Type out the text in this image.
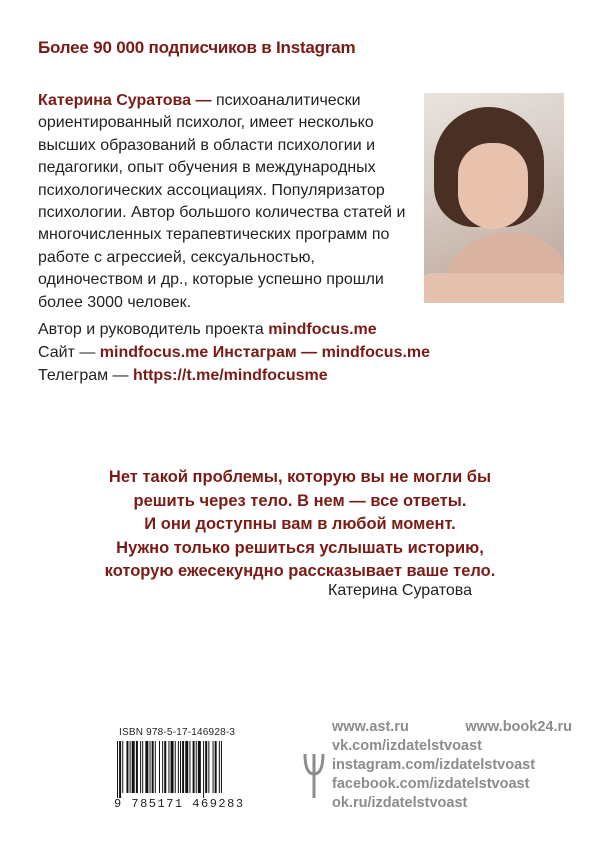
Более 90 000 подписчиков в Instagram

Катерина Суратова — психоаналитически ориентированный психолог, имеет несколько высших образований в области психологии и педагогики, опыт обучения в международных психологических ассоциациях. Популяризатор психологии. Автор большого количества статей и многочисленных терапевтических программ по работе с агрессией, сексуальностью, одиночеством и др., которые успешно прошли более 3000 человек.

Автор и руководитель проекта mindfocus.me
Сайт — mindfocus.me Инстаграм — mindfocus.me
Телеграм — https://t.me/mindfocusme
Нет такой проблемы, которую вы не могли бы
решить через тело. В нем — все ответы.
И они доступны вам в любой момент.
Нужно только решиться услышать историю,
которую ежесекундно рассказывает ваше тело.
Катерина Суратова
ISBN 978-5-17-146928-3
9 785171 469283
www.ast.ru	www.book24.ru
vk.com/izdatelstvoast
instagram.com/izdatelstvoast
facebook.com/izdatelstvoast
ok.ru/izdatelstvoast
